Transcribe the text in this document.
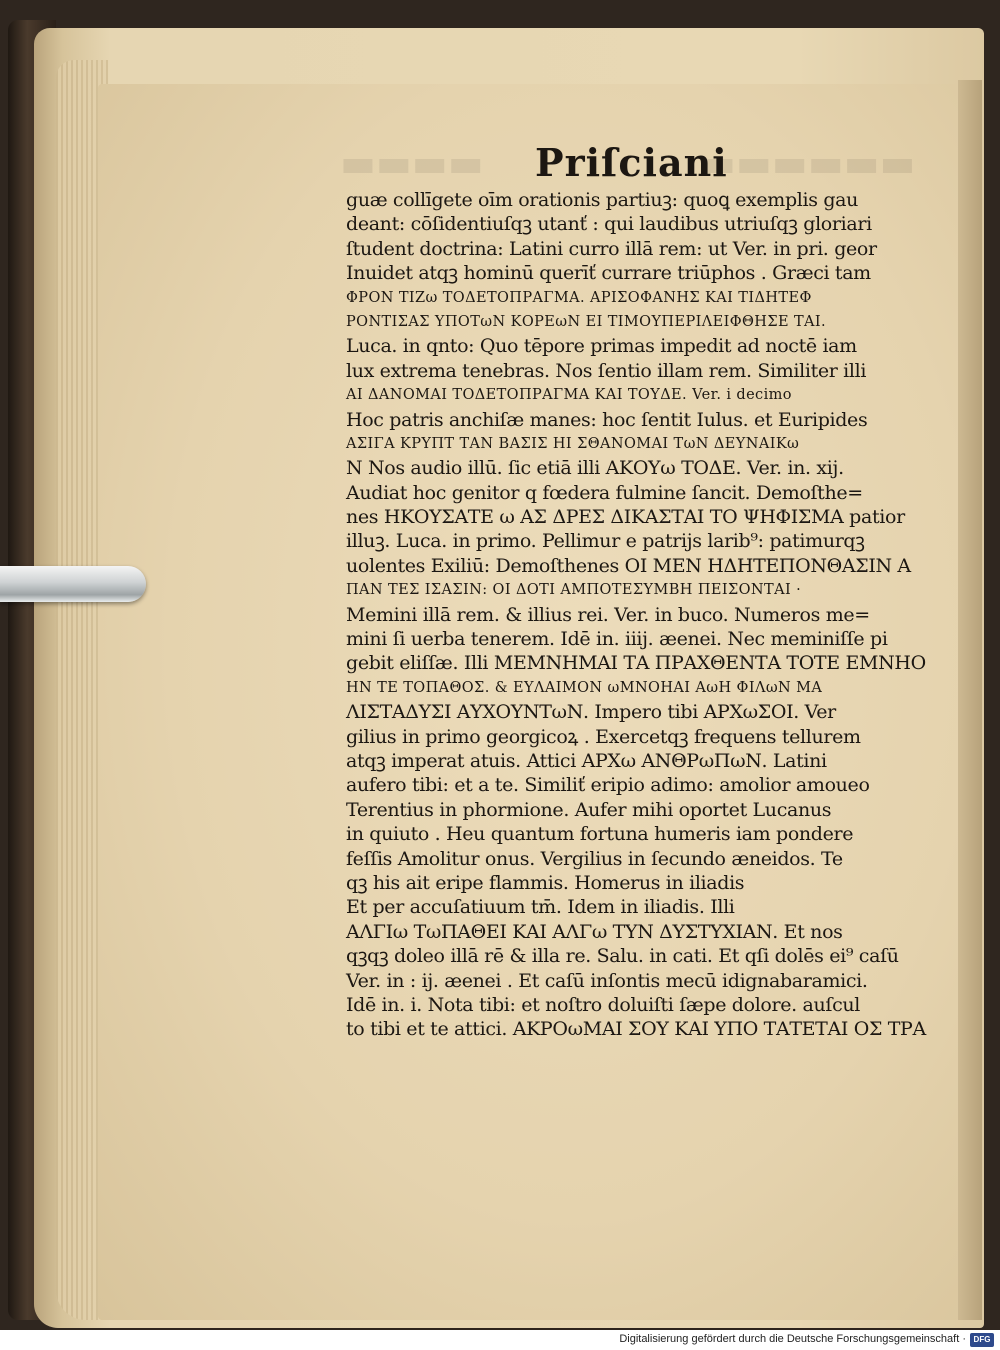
▬▬▬▬	▬▬▬▬▬▬
Priſciani
guæ collīgete oīm orationis partiuꝫ: quoꝗ exemplis gau
deant: cōſidentiuſqꝫ utanť : qui laudibus utriuſqꝫ gloriari
ſtudent doctrina: Latini curro illā rem: ut Ver. in pri. geor
Inuidet atqꝫ hominū querīť currare triūphos . Græci tam
ΦΡΟΝ ΤΙΖω ΤΟΔΕΤΟΠΡΑΓΜΑ. ΑΡΙΣΟΦΑΝΗΣ ΚΑΙ ΤΙΔΗΤΕΦ
ΡΟΝΤΙΣΑΣ ΥΠΟΤωΝ ΚΟΡΕωΝ ΕΙ ΤΙΜΟΥΠΕΡΙΛΕΙΦΘΗΣΕ ΤΑΙ.
Luca. in qnto: Quo tēpore primas impedit ad noctē iam
lux extrema tenebras. Nos ſentio illam rem. Similiter illi
ΑΙ ΔΑΝΟΜΑΙ ΤΟΔΕΤΟΠΡΑΓΜΑ ΚΑΙ ΤΟΥΔΕ. Ver. i decimo
Hoc patris anchiſæ manes: hoc ſentit Iulus. et Euripides
ΑΣΙΓΑ ΚΡΥΠΤ ΤΑΝ ΒΑΣΙΣ ΗΙ ΣΘΑΝΟΜΑΙ ΤωΝ ΔΕΥΝΑΙΚω
Ν Nos audio illū. ſic etiā illi ΑΚΟΥω ΤΟΔΕ. Ver. in. xij.
Audiat hoc genitor q fœdera fulmine ſancit. Demoſthe=
nes ΗΚΟΥΣΑΤΕ ω ΑΣ ΔΡΕΣ ΔΙΚΑΣΤΑΙ ΤΟ ΨΗΦΙΣΜΑ patior
illuꝫ. Luca. in primo. Pellimur e patrijs larib⁹: patimurqꝫ
uolentes Exiliū: Demoſthenes ΟΙ ΜΕΝ ΗΔΗΤΕΠΟΝΘΑΣΙΝ Α
ΠΑΝ ΤΕΣ ΙΣΑΣΙΝ: ΟΙ ΔΟΤΙ ΑΜΠΟΤΕΣΥΜΒΗ ΠΕΙΣΟΝΤΑΙ ·
Memini illā rem. & illius rei. Ver. in buco. Numeros me=
mini ſi uerba tenerem. Idē in. iiij. æenei. Nec meminiſſe pi
gebit eliſſæ. Illi ΜΕΜΝΗΜΑΙ ΤΑ ΠΡΑΧΘΕΝΤΑ ΤΟΤΕ ΕΜΝΗΟ
ΗΝ ΤΕ ΤΟΠΑΘΟΣ. & ΕΥΛΑΙΜΟΝ ωΜΝΟΗΑΙ ΑωΗ ΦΙΛωΝ ΜΑ
ΛΙΣΤΑΔΥΣΙ ΑΥΧΟΥΝΤωΝ. Impero tibi ΑΡΧωΣΟΙ. Ver
gilius in primo georgicoꝝ . Exercetqꝫ frequens tellurem
atqꝫ imperat atuis. Attici ΑΡΧω ΑΝΘΡωΠωΝ. Latini
aufero tibi: et a te. Similiť eripio adimo: amolior amoueo
Terentius in phormione. Aufer mihi oportet Lucanus
in quiuto . Heu quantum fortuna humeris iam pondere
feſſis Amolitur onus. Vergilius in ſecundo æneidos. Te
qꝫ his ait eripe flammis. Homerus in iliadis
Et per accuſatiuum tm̄. Idem in iliadis. Illi
ΑΛΓΙω ΤωΠΑΘΕΙ ΚΑΙ ΑΛΓω ΤΥΝ ΔΥΣΤΥΧΙΑΝ. Et nos
qꝫqꝫ doleo illā rē & illa re. Salu. in cati. Et qſi dolēs ei⁹ caſū
Ver. in : ij. æenei . Et caſū inſontis mecū idignabaramici.
Idē in. i. Nota tibi: et noſtro doluiſti ſæpe dolore. auſcul
to tibi et te attici. ΑΚΡΟωΜΑΙ ΣΟΥ ΚΑΙ ΥΠΟ ΤΑΤΕΤΑΙ ΟΣ ΤΡΑ
Digitalisierung gefördert durch die Deutsche Forschungsgemeinschaft · DFG
